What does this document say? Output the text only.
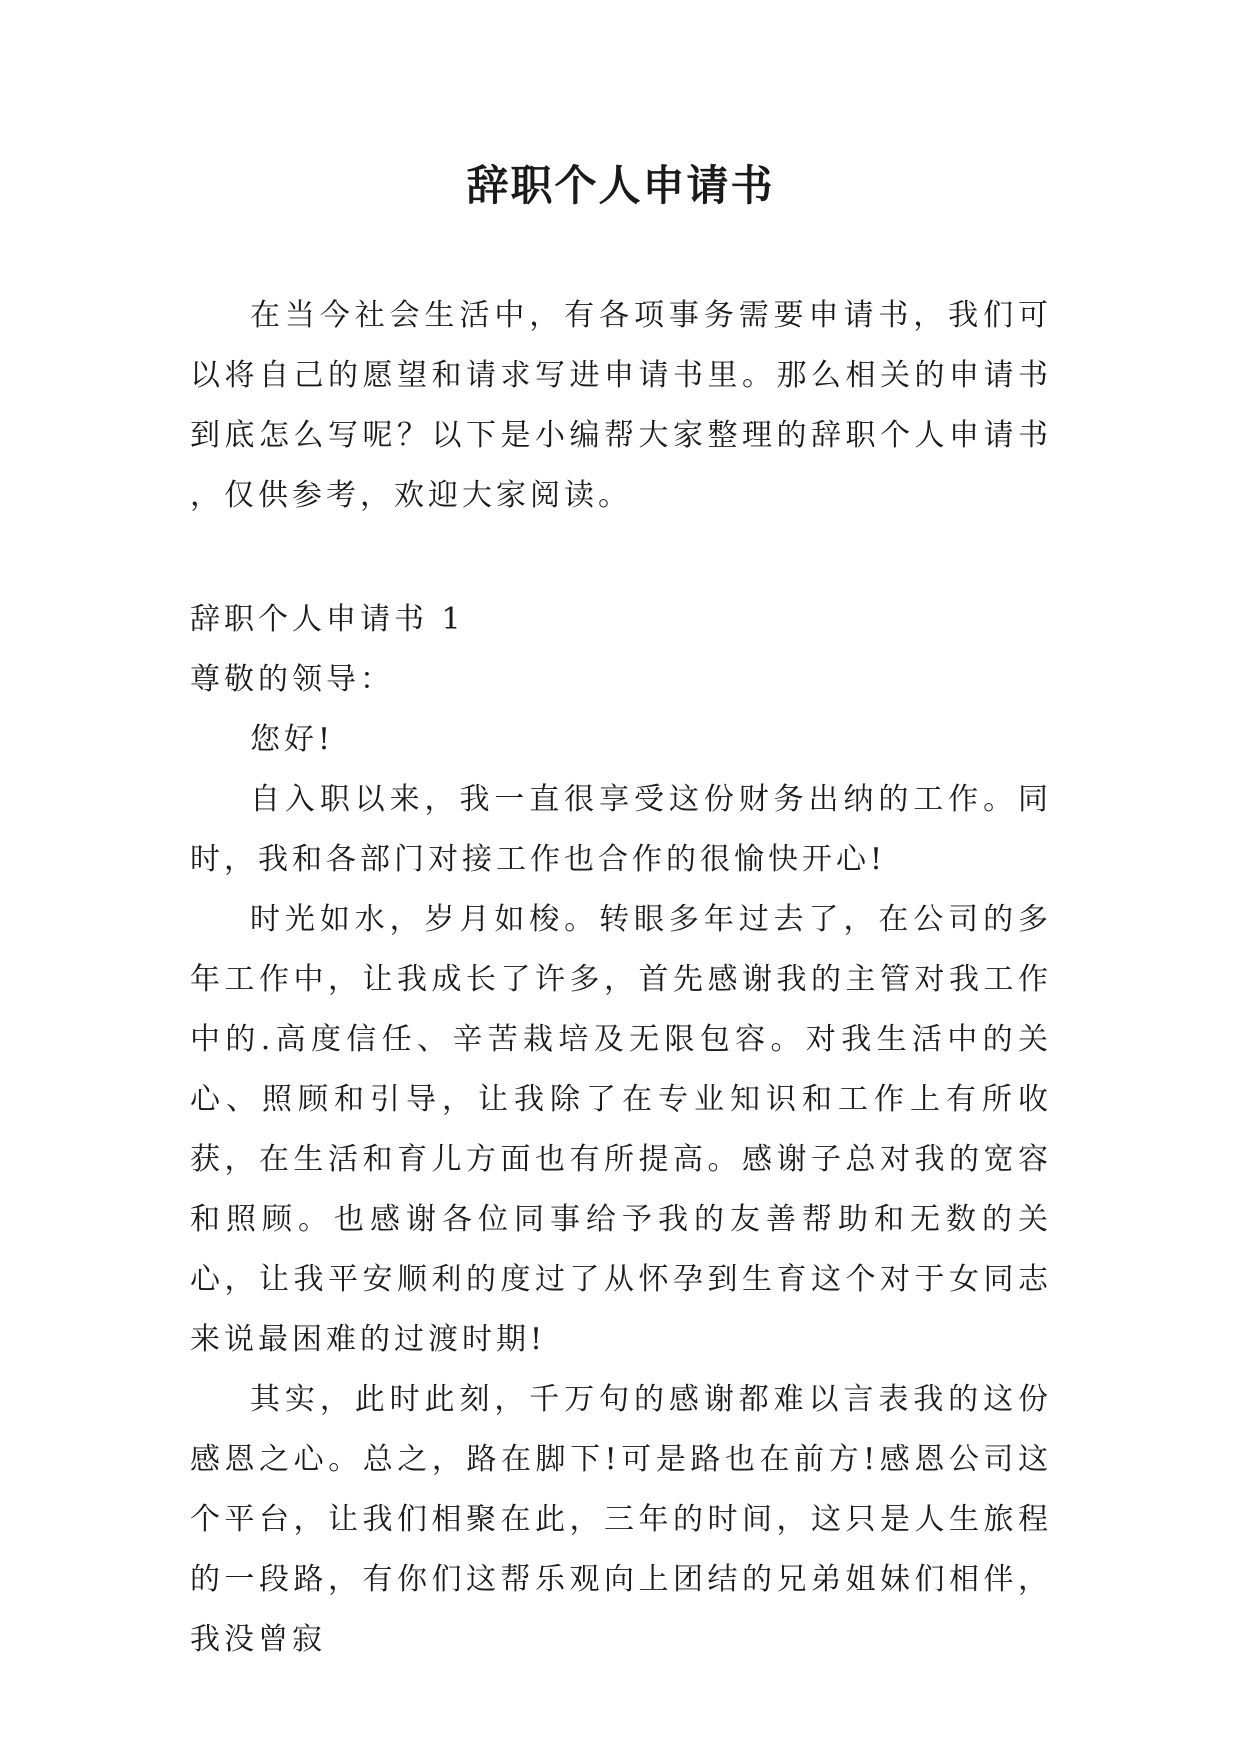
辞职个人申请书

在当今社会生活中，有各项事务需要申请书，我们可以将自己的愿望和请求写进申请书里。那么相关的申请书到底怎么写呢？以下是小编帮大家整理的辞职个人申请书 ，仅供参考，欢迎大家阅读。

辞职个人申请书 1

尊敬的领导：

您好!

自入职以来，我一直很享受这份财务出纳的工作。同时，我和各部门对接工作也合作的很愉快开心!

时光如水，岁月如梭。转眼多年过去了，在公司的多年工作中，让我成长了许多，首先感谢我的主管对我工作中的.高度信任、辛苦栽培及无限包容。对我生活中的关心、照顾和引导，让我除了在专业知识和工作上有所收获，在生活和育儿方面也有所提高。感谢子总对我的宽容和照顾。也感谢各位同事给予我的友善帮助和无数的关心，让我平安顺利的度过了从怀孕到生育这个对于女同志来说最困难的过渡时期!

其实，此时此刻，千万句的感谢都难以言表我的这份感恩之心。总之，路在脚下!可是路也在前方!感恩公司这个平台，让我们相聚在此，三年的时间，这只是人生旅程的一段路，有你们这帮乐观向上团结的兄弟姐妹们相伴，我没曾寂
